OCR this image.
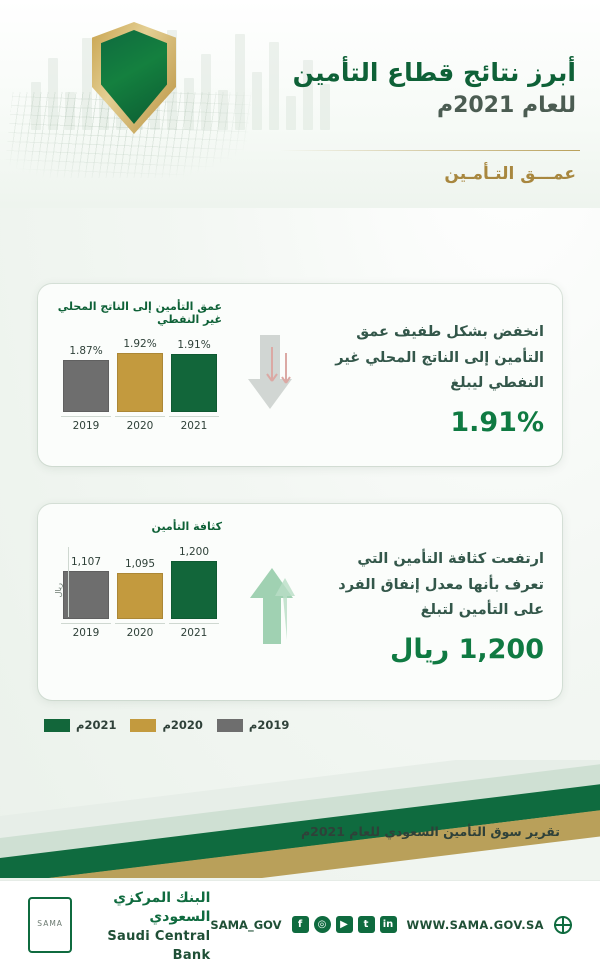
أبرز نتائج قطاع التأمين
للعام 2021م
عمـــق التـأمـين
انخفض بشكل طفيف عمق التأمين إلى الناتج المحلي غير النفطي ليبلغ
1.91%
عمق التأمين إلى الناتج المحلي غير النفطي
1.91%
2021
1.92%
2020
1.87%
2019
ارتفعت كثافة التأمين التي تعرف بأنها معدل إنفاق الفرد على التأمين لتبلغ
1,200 ريال
كثافة التأمين
ريال
1,200
2021
1,095
2020
1,107
2019
2021م	2020م	2019م
تقرير سوق التأمين السعودي للعام 2021م
WWW.SAMA.GOV.SA
in
t
▶
◎
f
SAMA_GOV
SAMA
البنك المركزي السعودي
Saudi Central Bank
